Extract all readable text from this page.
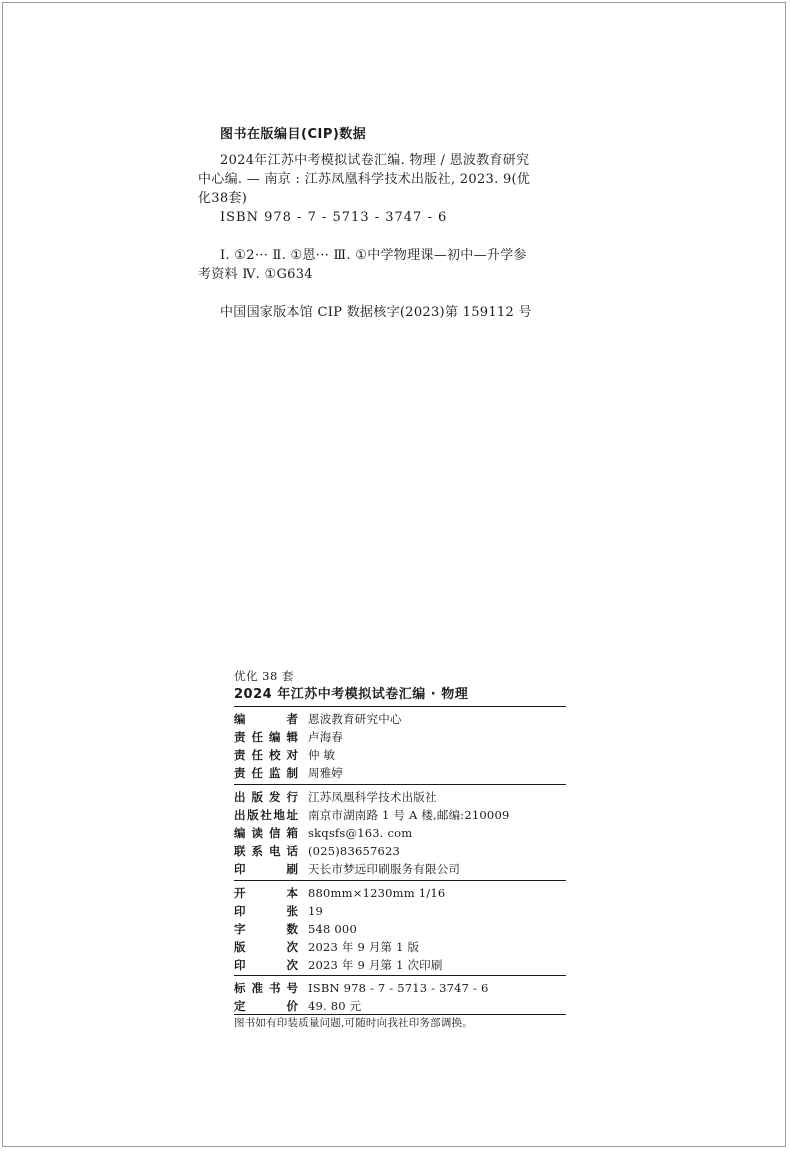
图书在版编目(CIP)数据
2024年江苏中考模拟试卷汇编. 物理 / 恩波教育研究中心编. — 南京 : 江苏凤凰科学技术出版社, 2023. 9(优化38套)
ISBN 978 - 7 - 5713 - 3747 - 6
Ⅰ. ①2··· Ⅱ. ①恩··· Ⅲ. ①中学物理课—初中—升学参考资料 Ⅳ. ①G634
中国国家版本馆 CIP 数据核字(2023)第 159112 号
优化 38 套
2024 年江苏中考模拟试卷汇编 · 物理
编者 恩波教育研究中心
责任编辑 卢海春
责任校对 仲 敏
责任监制 周雅婷
出版发行 江苏凤凰科学技术出版社
出版社地址 南京市湖南路 1 号 A 楼,邮编:210009
编读信箱 skqsfs@163. com
联系电话 (025)83657623
印刷 天长市梦远印刷服务有限公司
开本 880mm×1230mm 1/16
印张 19
字数 548 000
版次 2023 年 9 月第 1 版
印次 2023 年 9 月第 1 次印刷
标准书号 ISBN 978 - 7 - 5713 - 3747 - 6
定价 49. 80 元
图书如有印装质量问题,可随时向我社印务部调换。
